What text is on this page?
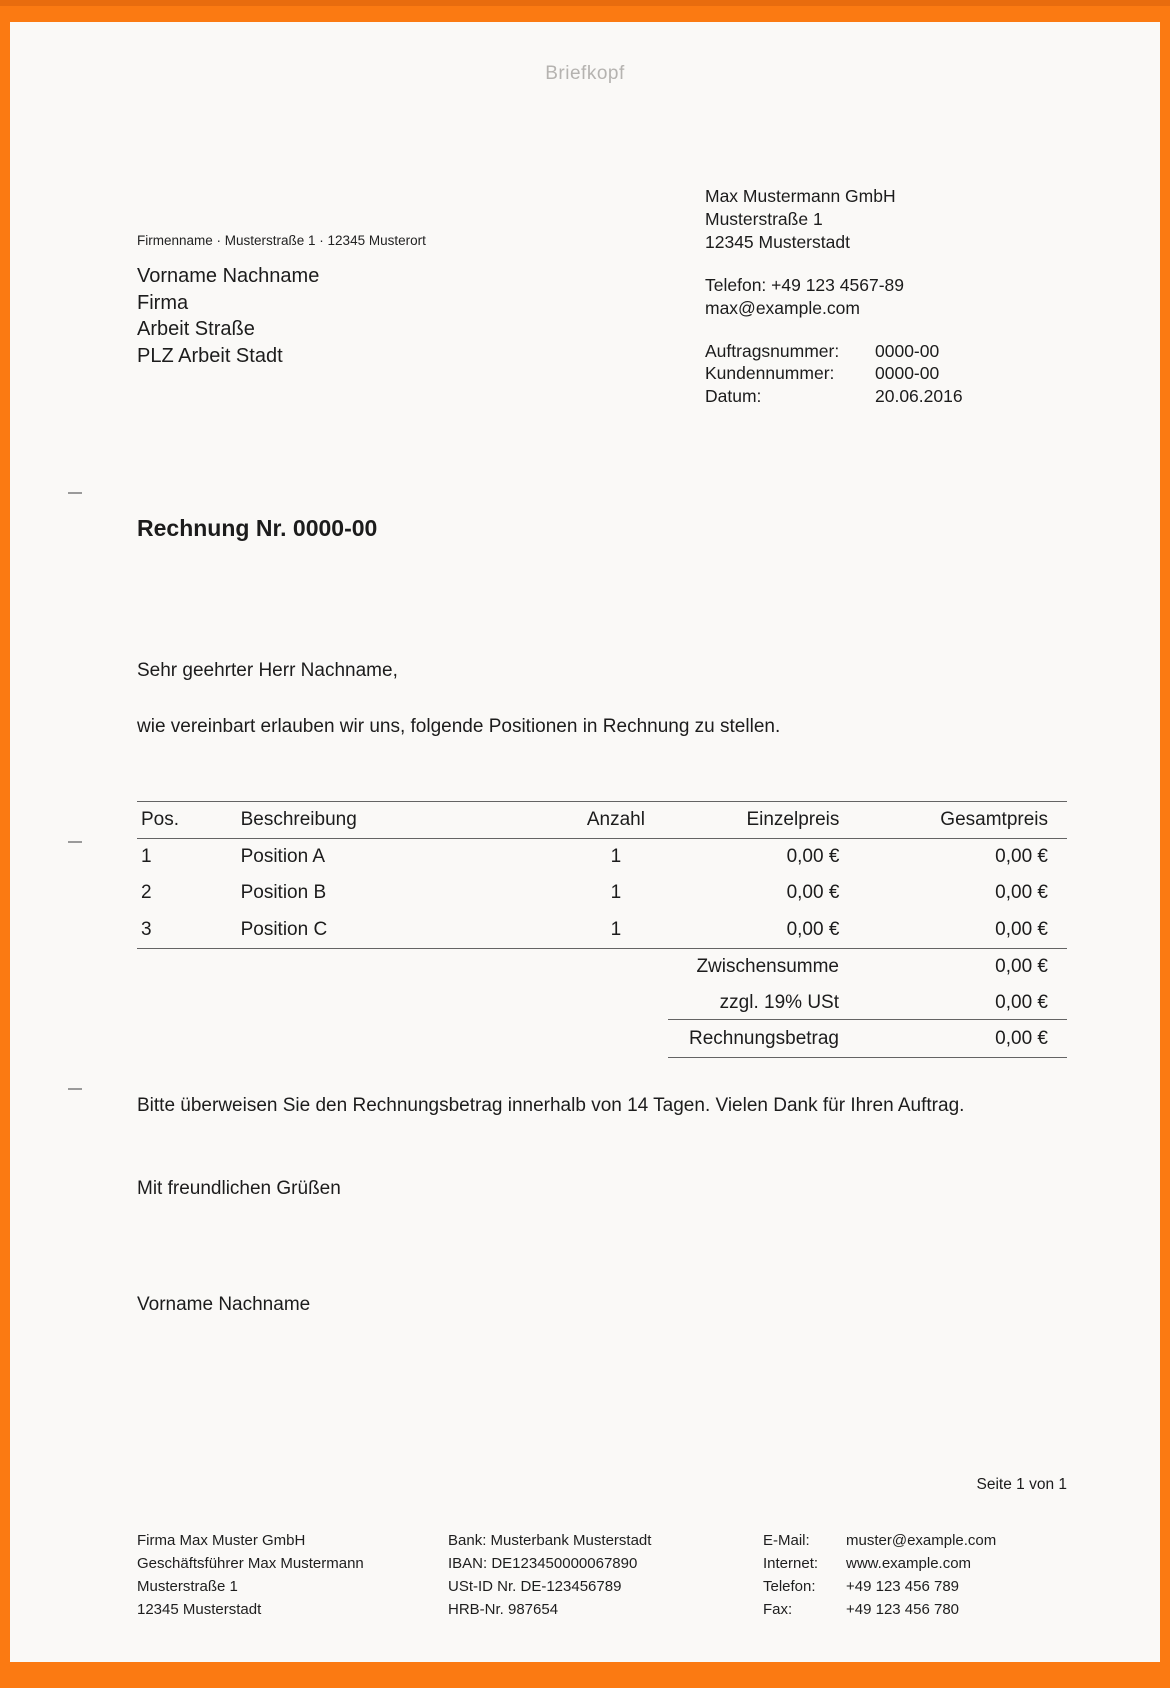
Briefkopf
Firmenname · Musterstraße 1 · 12345 Musterort
Vorname Nachname
Firma
Arbeit Straße
PLZ Arbeit Stadt
Max Mustermann GmbH
Musterstraße 1
12345 Musterstadt
Telefon: +49 123 4567-89
max@example.com
Auftragsnummer:	0000-00
Kundennummer:	0000-00
Datum:	20.06.2016
Rechnung Nr. 0000-00
Sehr geehrter Herr Nachname,
wie vereinbart erlauben wir uns, folgende Positionen in Rechnung zu stellen.
Pos.	Beschreibung	Anzahl	Einzelpreis	Gesamtpreis
1	Position A	1	0,00 €	0,00 €
2	Position B	1	0,00 €	0,00 €
3	Position C	1	0,00 €	0,00 €
Zwischensumme	0,00 €
zzgl. 19% USt	0,00 €
Rechnungsbetrag	0,00 €
Bitte überweisen Sie den Rechnungsbetrag innerhalb von 14 Tagen. Vielen Dank für Ihren Auftrag.
Mit freundlichen Grüßen
Vorname Nachname
Seite 1 von 1
Firma Max Muster GmbH
Geschäftsführer Max Mustermann
Musterstraße 1
12345 Musterstadt
Bank: Musterbank Musterstadt
IBAN: DE123450000067890
USt-ID Nr. DE-123456789
HRB-Nr. 987654
E-Mail:	muster@example.com
Internet:	www.example.com
Telefon:	+49 123 456 789
Fax:	+49 123 456 780
